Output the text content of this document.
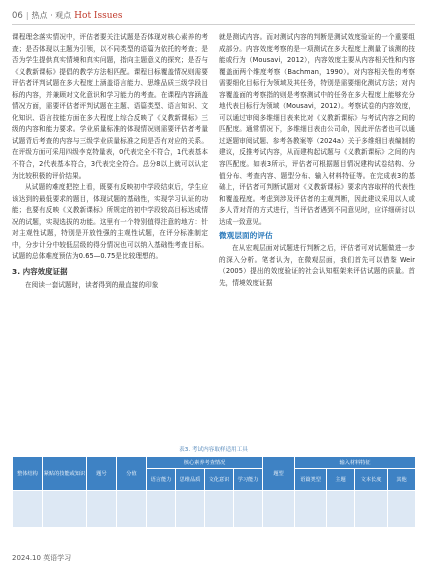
06 | 热点 · 观点 Hot Issues

课程理念落实情况中，评估者要关注试题是否体现对核心素养的考查；是否体现以主题为引领，以不同类型的语篇为依托的考查；是否为学生提供真实情境和真实问题，指向主题意义的探究；是否与《义教新课标》提倡的教学方法相匹配。课程目标覆盖情况则需要评估者评判试题在多大程度上涵盖语言能力、思维品质三级学段目标的内容，并兼顾对文化意识和学习能力的考查。在课程内容涵盖情况方面，需要评估者评判试题在主题、语篇类型、语言知识、文化知识、语言技能方面在多大程度上综合反映了《义教新课标》三级的内容和能力要求。学业质量标准的体现情况则需要评估者考量试题背后考查的内容与三级学业质量标准之间是否有对应的关系。在评级方面可采用四级李克特量表，0代表完全不符合，1代表基本不符合，2代表基本符合，3代表完全符合。总分8以上就可以认定为比较积极的评价结果。

从试题的难度把控上看，既要有反映初中学段结束后，学生应该达到的最低要求的题目，体现试题的基础性，实现学习认证的功能；也要有反映《义教新课标》所规定的初中学段较高目标达成情况的试题，实现选拔的功能。这里有一个特别值得注意的地方：针对主观性试题，特别是开放性强的主观性试题，在评分标准制定中，分步计分中较低层级的得分情况也可以纳入基础性考查目标。试题的总体难度预估为0.65—0.75是比较理想的。

3. 内容效度证据

在阅读一套试题时，读者得到的最直接的印象

就是测试内容。而对测试内容的判断是测试效度验证的一个重要组成部分。内容效度考察的是一项测试在多大程度上测量了该测的技能或行为（Mousavi，2012），内容效度主要从内容相关性和内容覆盖面两个维度考察（Bachman，1990）。对内容相关性的考察需要细化目标行为领域及其任务，特别是需要细化测试方法；对内容覆盖面的考察指的则是考察测试中的任务在多大程度上能够充分地代表目标行为领域（Mousavi，2012）。考察试卷的内容效度，可以通过审阅多维细目表来比对《义教新课标》与考试内容之间的匹配度。通常情况下，多维细目表由公司命，因此评估者也可以通过逐题审阅试题、参考各教案等（2024a）关于多维细目表编制的建议，反推考试内容，从而建构起试题与《义教新课标》之间的内容匹配度。如表3所示，评估者可根据题目情况建构试卷结构、分值分布、考查内容、题型分布、输入材料特征等。在完成表3的基础上，评估者可判断试题对《义教新课标》要求内容取样的代表性和覆盖程度。考虑到涉及评估者的主观判断，因此建议采用以人或多人背对背的方式进行，当评估者遇到不同意见时，应详细研讨以达成一致意见。

微观层面的评估

在从宏观层面对试题进行判断之后，评估者可对试题做进一步的深入分析。笔者认为，在微观层面，我们首先可以借鉴 Weir（2005）提出的效度验证的社会认知框架来评估试题的质量。首先，情境效度证据

表3. 考试内容取样适用工具
整体结构	紧贴的技能或知识	题号	分值	核心素养考查情况				题型	输入材料特征			
				语言能力	思维品质	文化意识	学习能力		语篇类型	主题	文本长度	其他

2024.10 英语学习
